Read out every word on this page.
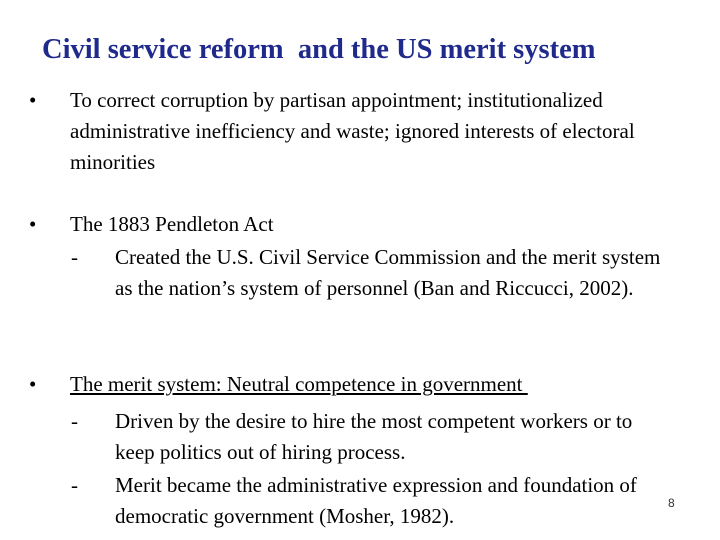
Civil service reform  and the US merit system
• To correct corruption by partisan appointment; institutionalized administrative inefficiency and waste; ignored interests of electoral minorities
• The 1883 Pendleton Act
- Created the U.S. Civil Service Commission and the merit system as the nation’s system of personnel (Ban and Riccucci, 2002).
• The merit system: Neutral competence in government
- Driven by the desire to hire the most competent workers or to keep politics out of hiring process.
- Merit became the administrative expression and foundation of democratic government (Mosher, 1982).
8
